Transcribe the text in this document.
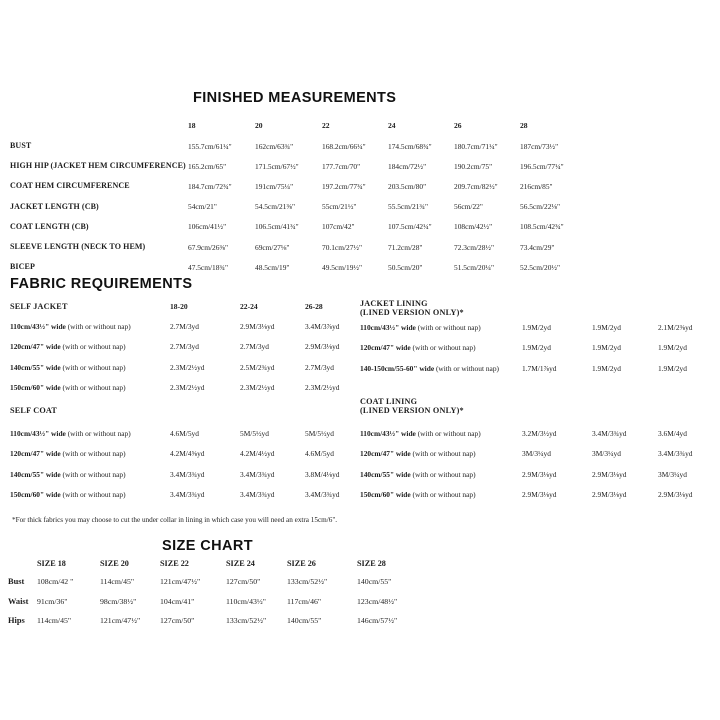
FINISHED MEASUREMENTS
18	20	22	24	26	28
BUST	155.7cm/61¼"	162cm/63¾"	168.2cm/66¼"	174.5cm/68¾"	180.7cm/71¼"	187cm/73½"
HIGH HIP (JACKET HEM CIRCUMFERENCE) 165.2cm/65"	171.5cm/67½"	177.7cm/70"	184cm/72½"	190.2cm/75"	196.5cm/77¼"
COAT HEM CIRCUMFERENCE	184.7cm/72¾"	191cm/75¼"	197.2cm/77¾"	203.5cm/80"	209.7cm/82½"	216cm/85"
JACKET LENGTH (CB)	54cm/21"	54.5cm/21⅜"	55cm/21½"	55.5cm/21¾"	56cm/22"	56.5cm/22⅛"
COAT LENGTH (CB)	106cm/41½"	106.5cm/41¾"	107cm/42"	107.5cm/42¼"	108cm/42½"	108.5cm/42¾"
SLEEVE LENGTH (NECK TO HEM)	67.9cm/26⅜"	69cm/27⅛"	70.1cm/27½"	71.2cm/28"	72.3cm/28½"	73.4cm/29"
BICEP	47.5cm/18¾"	48.5cm/19"	49.5cm/19½"	50.5cm/20"	51.5cm/20¼"	52.5cm/20½"
FABRIC REQUIREMENTS
SELF JACKET	18-20	22-24	26-28
110cm/43½" wide (with or without nap)	2.7M/3yd	2.9M/3⅛yd	3.4M/3⅞yd
120cm/47" wide (with or without nap)	2.7M/3yd	2.7M/3yd	2.9M/3⅛yd
140cm/55" wide (with or without nap)	2.3M/2½yd	2.5M/2¾yd	2.7M/3yd
150cm/60" wide (with or without nap)	2.3M/2½yd	2.3M/2½yd	2.3M/2½yd
JACKET LINING
(LINED VERSION ONLY)*
110cm/43½" wide (with or without nap)	1.9M/2yd	1.9M/2yd	2.1M/2⅜yd
120cm/47" wide (with or without nap)	1.9M/2yd	1.9M/2yd	1.9M/2yd
140-150cm/55-60" wide (with or without nap)	1.7M/1⅞yd	1.9M/2yd	1.9M/2yd
SELF COAT
110cm/43½" wide (with or without nap)	4.6M/5yd	5M/5½yd	5M/5½yd
120cm/47" wide (with or without nap)	4.2M/4⅝yd	4.2M/4½yd	4.6M/5yd
140cm/55" wide (with or without nap)	3.4M/3¾yd	3.4M/3¾yd	3.8M/4⅛yd
150cm/60" wide (with or without nap)	3.4M/3¾yd	3.4M/3¾yd	3.4M/3¾yd
COAT LINING
(LINED VERSION ONLY)*
110cm/43½" wide (with or without nap)	3.2M/3½yd	3.4M/3¾yd	3.6M/4yd
120cm/47" wide (with or without nap)	3M/3¼yd	3M/3¼yd	3.4M/3¾yd
140cm/55" wide (with or without nap)	2.9M/3⅛yd	2.9M/3⅛yd	3M/3¼yd
150cm/60" wide (with or without nap)	2.9M/3⅛yd	2.9M/3⅛yd	2.9M/3⅛yd
*For thick fabrics you may choose to cut the under collar in lining in which case you will need an extra 15cm/6".
SIZE CHART
SIZE 18	SIZE 20	SIZE 22	SIZE 24	SIZE 26	SIZE 28
Bust 108cm/42 "	114cm/45"	121cm/47½"	127cm/50"	133cm/52½"	140cm/55"
Waist 91cm/36"	98cm/38½"	104cm/41"	110cm/43½"	117cm/46"	123cm/48½"
Hips 114cm/45"	121cm/47½"	127cm/50"	133cm/52½"	140cm/55"	146cm/57½"
